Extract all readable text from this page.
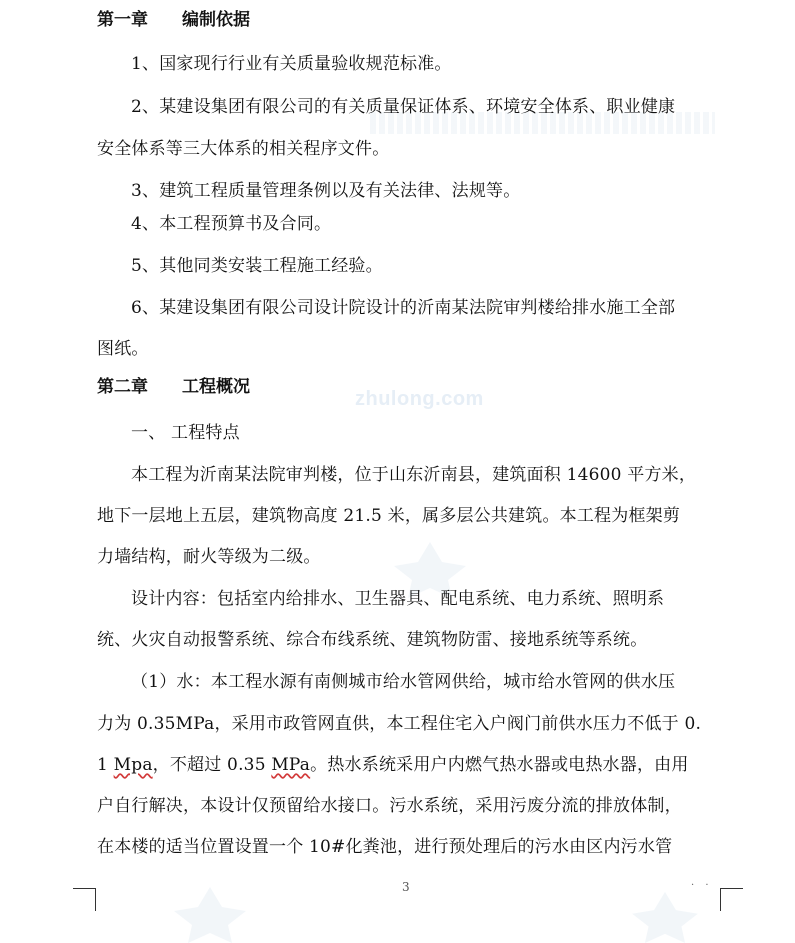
zhulong.com
第一章 编制依据
1、国家现行行业有关质量验收规范标准。
2、某建设集团有限公司的有关质量保证体系、环境安全体系、职业健康
安全体系等三大体系的相关程序文件。
3、建筑工程质量管理条例以及有关法律、法规等。
4、本工程预算书及合同。
5、其他同类安装工程施工经验。
6、某建设集团有限公司设计院设计的沂南某法院审判楼给排水施工全部
图纸。
第二章 工程概况
一、 工程特点
本工程为沂南某法院审判楼，位于山东沂南县，建筑面积 14600 平方米，
地下一层地上五层，建筑物高度 21.5 米，属多层公共建筑。本工程为框架剪
力墙结构，耐火等级为二级。
设计内容：包括室内给排水、卫生器具、配电系统、电力系统、照明系
统、火灾自动报警系统、综合布线系统、建筑物防雷、接地系统等系统。
（1）水：本工程水源有南侧城市给水管网供给，城市给水管网的供水压
力为 0.35MPa，采用市政管网直供，本工程住宅入户阀门前供水压力不低于 0.
1 Mpa，不超过 0.35 MPa。热水系统采用户内燃气热水器或电热水器，由用
户自行解决，本设计仅预留给水接口。污水系统，采用污废分流的排放体制，
在本楼的适当位置设置一个 10#化粪池，进行预处理后的污水由区内污水管
3	· ·
